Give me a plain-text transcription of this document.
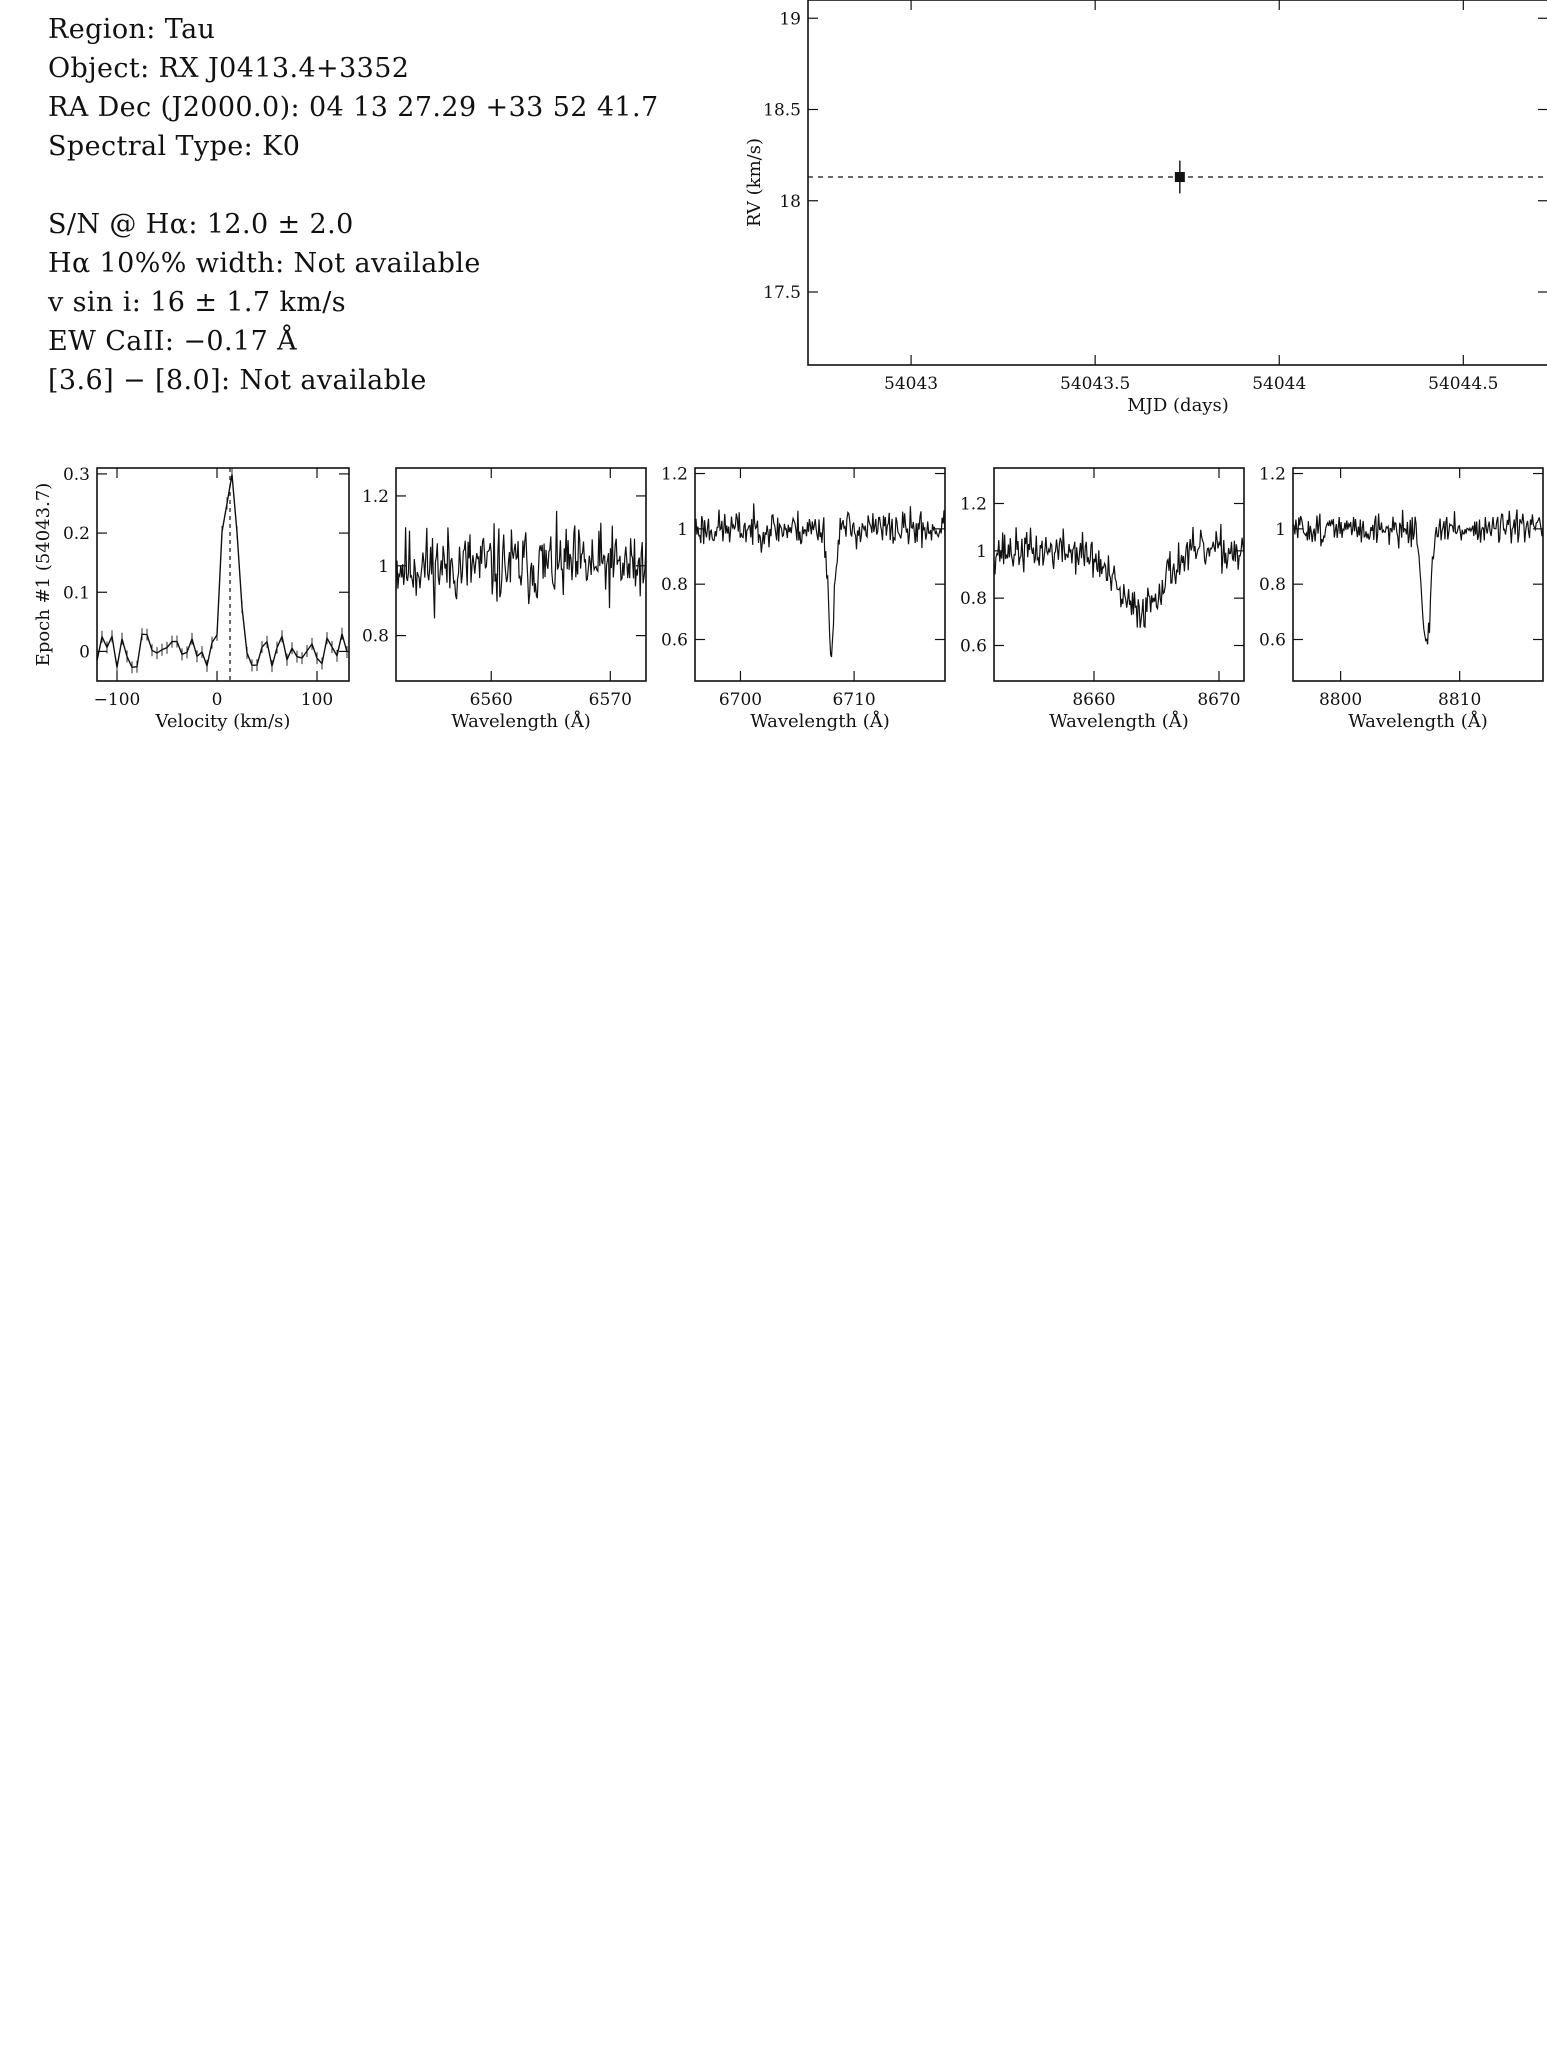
Region: Tau
Object: RX J0413.4+3352
RA Dec (J2000.0): 04 13 27.29 +33 52 41.7
Spectral Type: K0
S/N @ Hα: 12.0 ± 2.0
Hα 10%% width: Not available
v sin i: 16 ± 1.7 km/s
EW CaII: −0.17 Å
[3.6] − [8.0]: Not available	54043	54043.5	54044	54044.5
17.5
18
18.5
19
MJD (days)
RV (km/s)
−100	0	100
0
0.1
0.2
0.3
Velocity (km/s)
Epoch #1 (54043.7)
6560	6570
0.8
1
1.2
Wavelength (Å)
6700	6710
0.6
0.8
1
1.2
Wavelength (Å)
8660	8670
0.6
0.8
1
1.2
Wavelength (Å)
8800	8810
0.6
0.8
1
1.2
Wavelength (Å)
